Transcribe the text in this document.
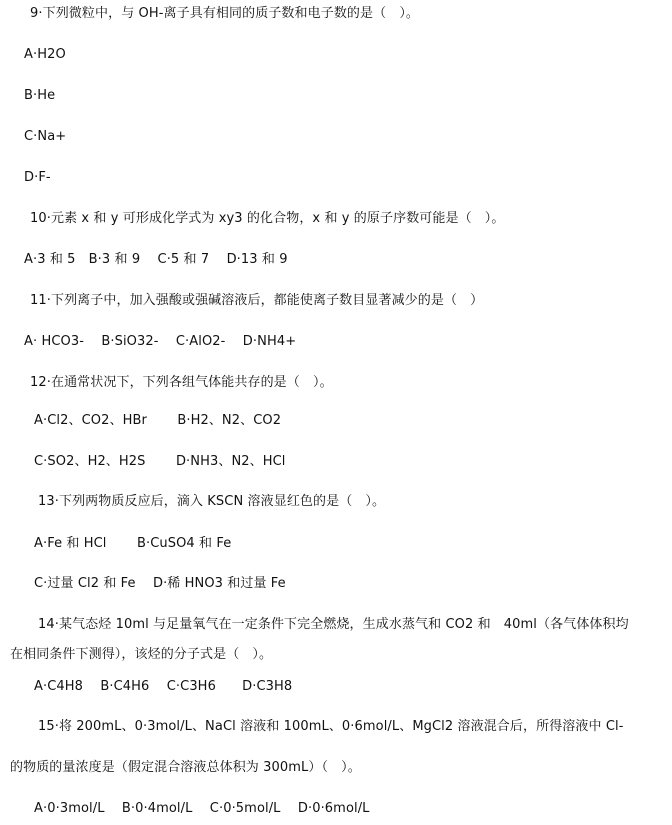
9·下列微粒中，与 OH-离子具有相同的质子数和电子数的是（　）。
A·H2O
B·He
C·Na+
D·F-
10·元素 x 和 y 可形成化学式为 xy3 的化合物，x 和 y 的原子序数可能是（　）。
A·3 和 5　B·3 和 9　 C·5 和 7　 D·13 和 9
11·下列离子中，加入强酸或强碱溶液后，都能使离子数目显著减少的是（　）
A· HCO3-　 B·SiO32-　 C·AlO2-　 D·NH4+
12·在通常状况下，下列各组气体能共存的是（　）。
A·Cl2、CO2、HBr　　 B·H2、N2、CO2
C·SO2、H2、H2S　　 D·NH3、N2、HCl
13·下列两物质反应后，滴入 KSCN 溶液显红色的是（　）。
A·Fe 和 HCl　　 B·CuSO4 和 Fe
C·过量 Cl2 和 Fe　 D·稀 HNO3 和过量 Fe
14·某气态烃 10ml 与足量氧气在一定条件下完全燃烧，生成水蒸气和 CO2 和　40ml（各气体体积均
在相同条件下测得），该烃的分子式是（　）。
A·C4H8　 B·C4H6　 C·C3H6　　D·C3H8
15·将 200mL、0·3mol/L、NaCl 溶液和 100mL、0·6mol/L、MgCl2 溶液混合后，所得溶液中 Cl-
的物质的量浓度是（假定混合溶液总体积为 300mL）（　）。
A·0·3mol/L　 B·0·4mol/L　 C·0·5mol/L　 D·0·6mol/L
